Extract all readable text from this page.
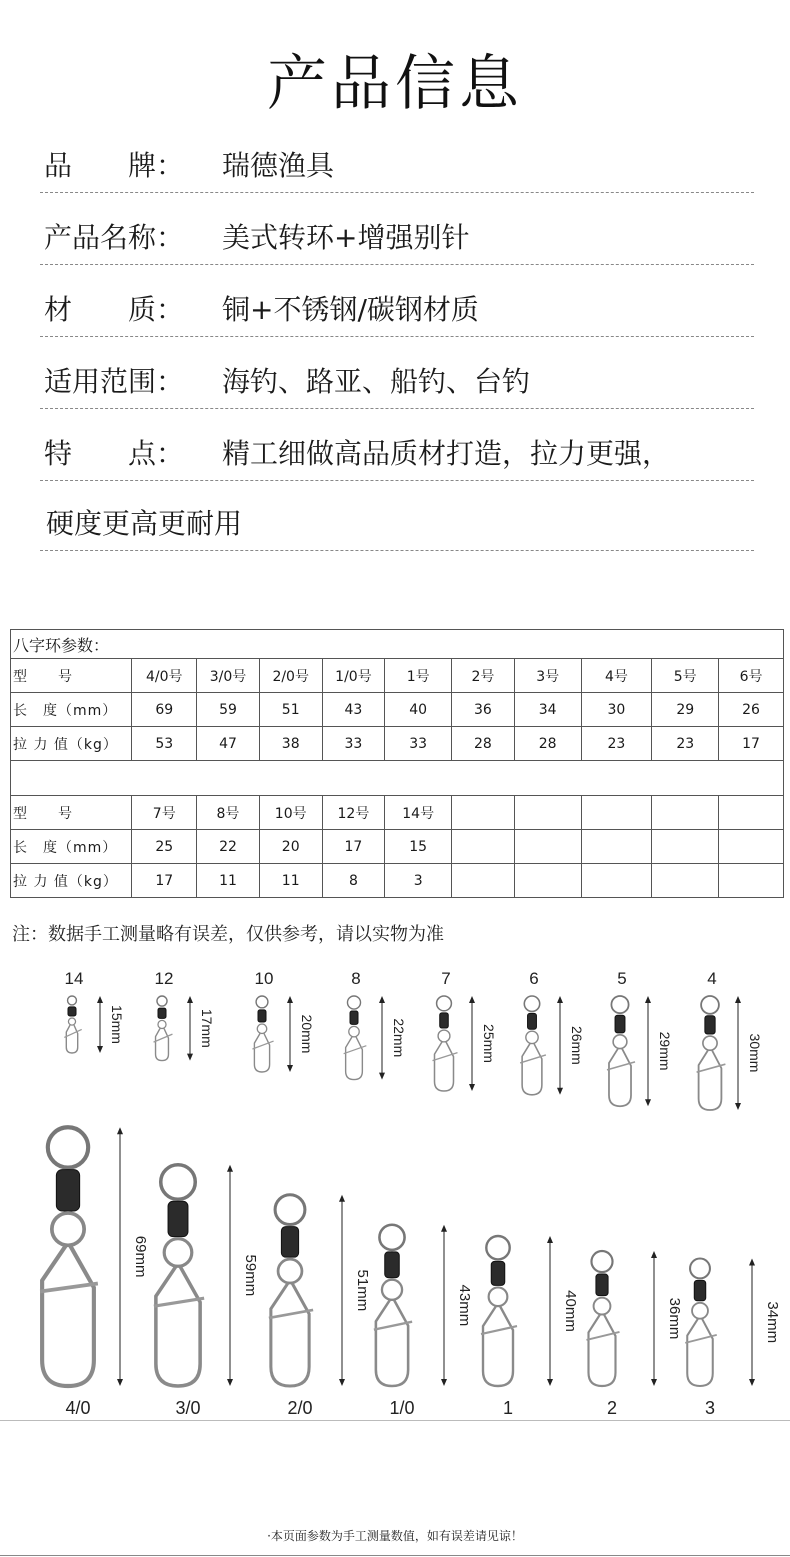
产品信息
品　　牌： 瑞德渔具
产品名称： 美式转环+增强别针
材　　质： 铜+不锈钢/碳钢材质
适用范围： 海钓、路亚、船钓、台钓
特　　点： 精工细做高品质材打造，拉力更强，
硬度更高更耐用
八字环参数：										
型　　号	4/0号	3/0号	2/0号	1/0号	1号	2号	3号	4号	5号	6号
长　度（mm）	69	59	51	43	40	36	34	30	29	26
拉 力 值（kg）	53	47	38	33	33	28	28	23	23	17

型　　号	7号	8号	10号	12号	14号					
长　度（mm）	25	22	20	17	15					
拉 力 值（kg）	17	11	11	8	3					
注：数据手工测量略有误差，仅供参考，请以实物为准
14
15mm
12
17mm
10
20mm
8
22mm
7
25mm
6
26mm
5
29mm
4
30mm
4/0
69mm
3/0
59mm
2/0
51mm
1/0
43mm
1
40mm
2
36mm
3
34mm
·本页面参数为手工测量数值，如有误差请见谅！
